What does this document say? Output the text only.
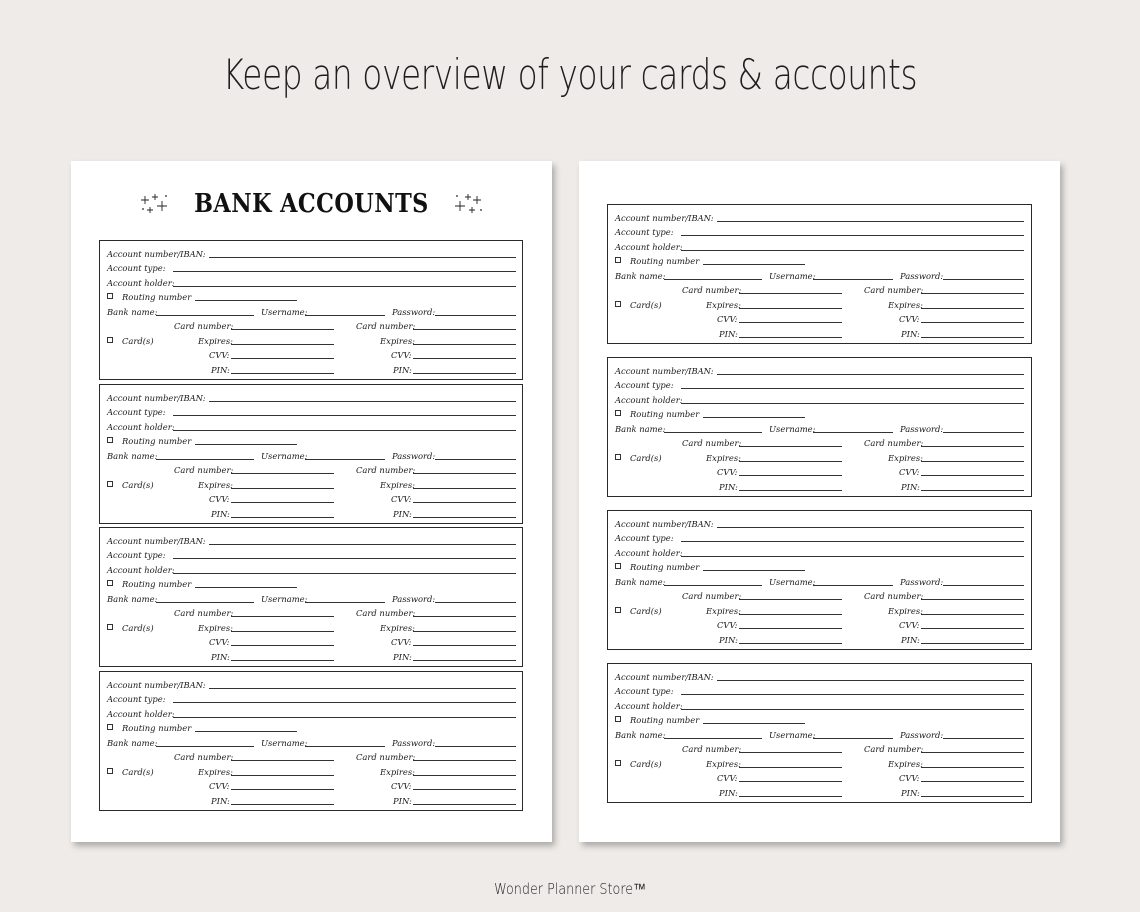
Keep an overview of your cards & accounts
BANK ACCOUNTS
Account number/IBAN:
Account type:
Account holder:
Routing number
Bank name:	Username:	Password:
Card number:	Card number:
Card(s)	Expires:	Expires:
CVV:	CVV:
PIN:	PIN:
Account number/IBAN:
Account type:
Account holder:
Routing number
Bank name:	Username:	Password:
Card number:	Card number:
Card(s)	Expires:	Expires:
CVV:	CVV:
PIN:	PIN:
Account number/IBAN:
Account type:
Account holder:
Routing number
Bank name:	Username:	Password:
Card number:	Card number:
Card(s)	Expires:	Expires:
CVV:	CVV:
PIN:	PIN:
Account number/IBAN:
Account type:
Account holder:
Routing number
Bank name:	Username:	Password:
Card number:	Card number:
Card(s)	Expires:	Expires:
CVV:	CVV:
PIN:	PIN:
Account number/IBAN:
Account type:
Account holder:
Routing number
Bank name:	Username:	Password:
Card number:	Card number:
Card(s)	Expires:	Expires:
CVV:	CVV:
PIN:	PIN:
Account number/IBAN:
Account type:
Account holder:
Routing number
Bank name:	Username:	Password:
Card number:	Card number:
Card(s)	Expires:	Expires:
CVV:	CVV:
PIN:	PIN:
Account number/IBAN:
Account type:
Account holder:
Routing number
Bank name:	Username:	Password:
Card number:	Card number:
Card(s)	Expires:	Expires:
CVV:	CVV:
PIN:	PIN:
Account number/IBAN:
Account type:
Account holder:
Routing number
Bank name:	Username:	Password:
Card number:	Card number:
Card(s)	Expires:	Expires:
CVV:	CVV:
PIN:	PIN:
Wonder Planner Store™
